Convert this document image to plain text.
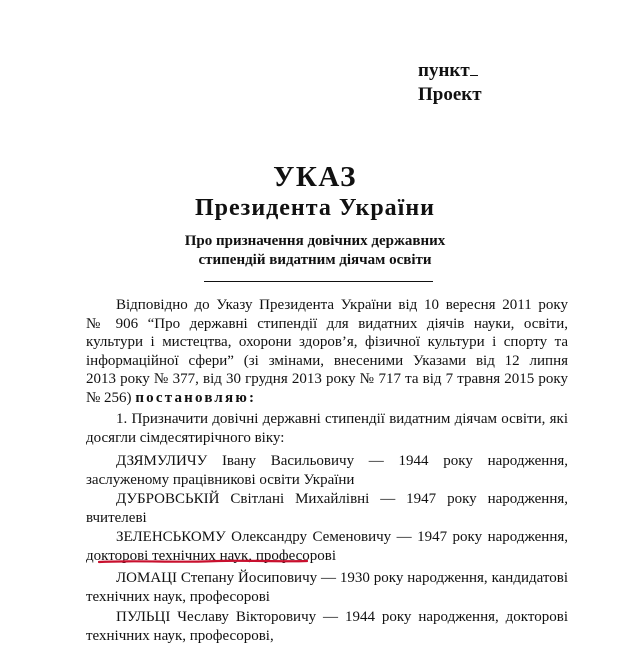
пункт
Проект
УКАЗ
Президента України
Про призначення довічних державних
стипендій видатним діячам освіти
Відповідно до Указу Президента України від 10 вересня 2011 року
№ 906 “Про державні стипендії для видатних діячів науки, освіти,
культури і мистецтва, охорони здоров’я, фізичної культури і спорту та
інформаційної сфери” (зі змінами, внесеними Указами від 12 липня
2013 року № 377, від 30 грудня 2013 року № 717 та від 7 травня 2015 року
№ 256) постановляю:
1. Призначити довічні державні стипендії видатним діячам освіти, які
досягли сімдесятирічного віку:
ДЗЯМУЛИЧУ Івану Васильовичу — 1944 року народження,
заслуженому працівникові освіти України
ДУБРОВСЬКІЙ Світлані Михайлівні — 1947 року народження,
вчителеві
ЗЕЛЕНСЬКОМУ Олександру Семеновичу — 1947 року народження,
докторові технічних наук, професорові
ЛОМАЦІ Степану Йосиповичу — 1930 року народження, кандидатові
технічних наук, професорові
ПУЛЬЦІ Чеславу Вікторовичу — 1944 року народження, докторові
технічних наук, професорові,
